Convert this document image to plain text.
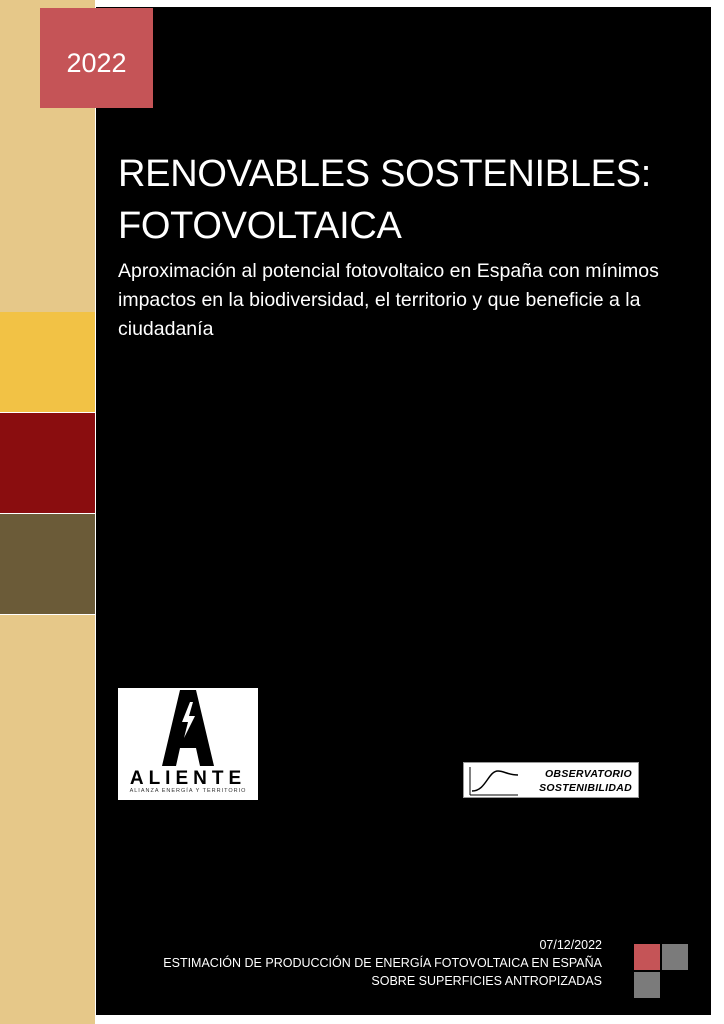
2022
RENOVABLES SOSTENIBLES:
FOTOVOLTAICA

Aproximación al potencial fotovoltaico en España con mínimos impactos en la biodiversidad, el territorio y que beneficie a la ciudadanía

ALIENTE
ALIANZA ENERGÍA Y TERRITORIO
OBSERVATORIO
SOSTENIBILIDAD
07/12/2022
ESTIMACIÓN DE PRODUCCIÓN DE ENERGÍA FOTOVOLTAICA EN ESPAÑA
SOBRE SUPERFICIES ANTROPIZADAS
